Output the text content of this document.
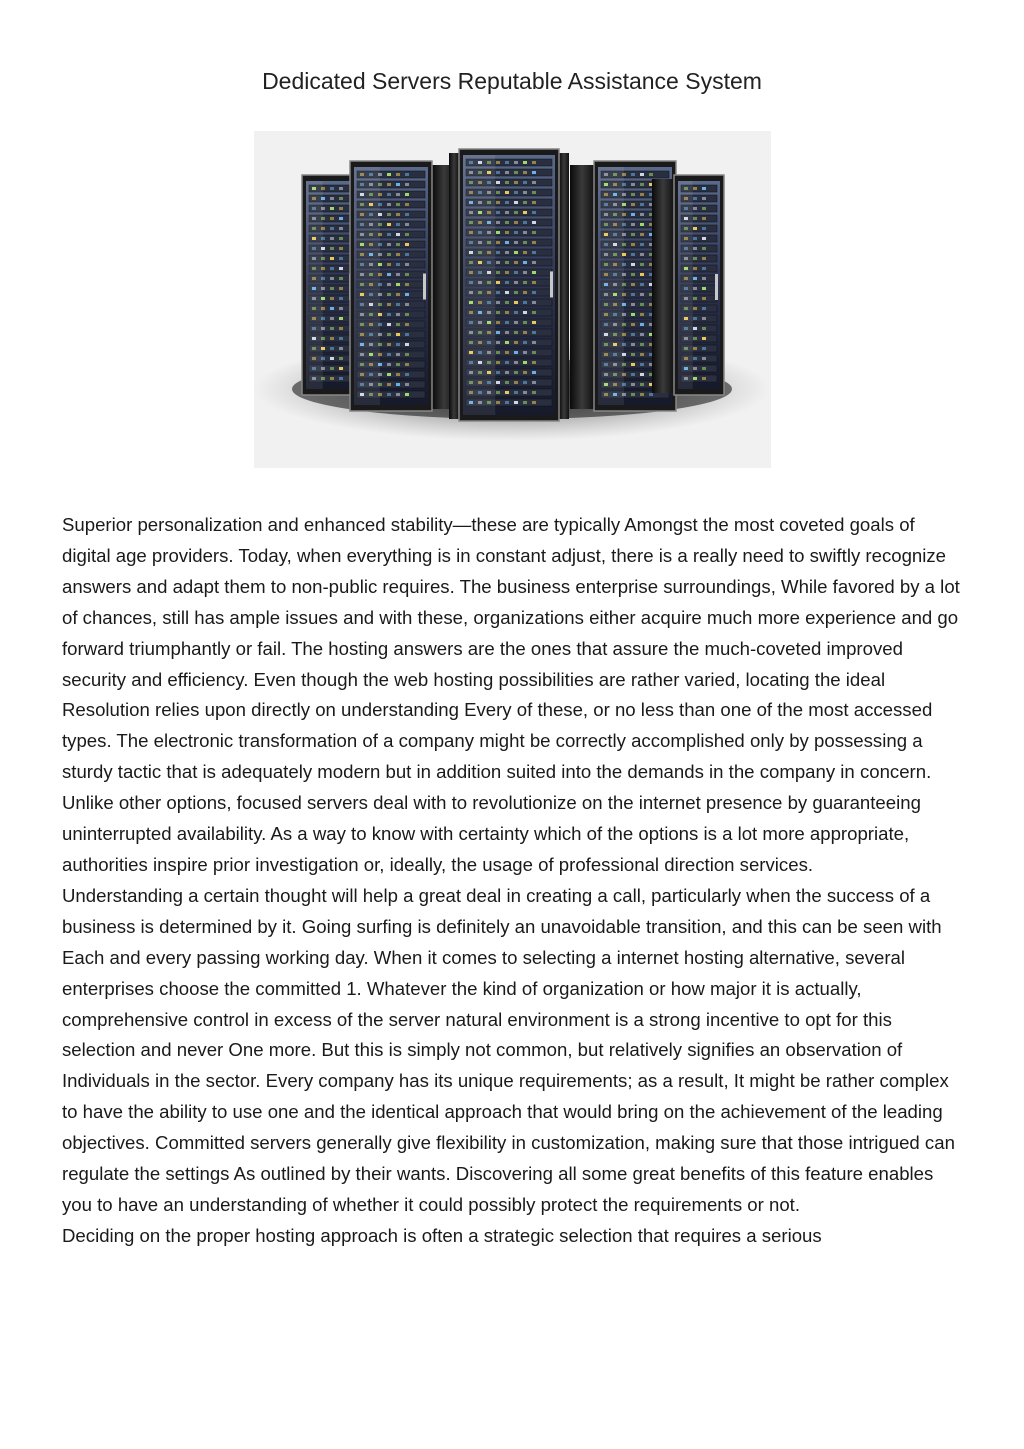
Dedicated Servers Reputable Assistance System

Superior personalization and enhanced stability—these are typically Amongst the most coveted goals of digital age providers. Today, when everything is in constant adjust, there is a really need to swiftly recognize answers and adapt them to non-public requires. The business enterprise surroundings, While favored by a lot of chances, still has ample issues and with these, organizations either acquire much more experience and go forward triumphantly or fail. The hosting answers are the ones that assure the much-coveted improved security and efficiency. Even though the web hosting possibilities are rather varied, locating the ideal Resolution relies upon directly on understanding Every of these, or no less than one of the most accessed types. The electronic transformation of a company might be correctly accomplished only by possessing a sturdy tactic that is adequately modern but in addition suited into the demands in the company in concern. Unlike other options, focused servers deal with to revolutionize on the internet presence by guaranteeing uninterrupted availability. As a way to know with certainty which of the options is a lot more appropriate, authorities inspire prior investigation or, ideally, the usage of professional direction services.

Understanding a certain thought will help a great deal in creating a call, particularly when the success of a business is determined by it. Going surfing is definitely an unavoidable transition, and this can be seen with Each and every passing working day. When it comes to selecting a internet hosting alternative, several enterprises choose the committed 1. Whatever the kind of organization or how major it is actually, comprehensive control in excess of the server natural environment is a strong incentive to opt for this selection and never One more. But this is simply not common, but relatively signifies an observation of Individuals in the sector. Every company has its unique requirements; as a result, It might be rather complex to have the ability to use one and the identical approach that would bring on the achievement of the leading objectives. Committed servers generally give flexibility in customization, making sure that those intrigued can regulate the settings As outlined by their wants. Discovering all some great benefits of this feature enables you to have an understanding of whether it could possibly protect the requirements or not.

Deciding on the proper hosting approach is often a strategic selection that requires a serious
